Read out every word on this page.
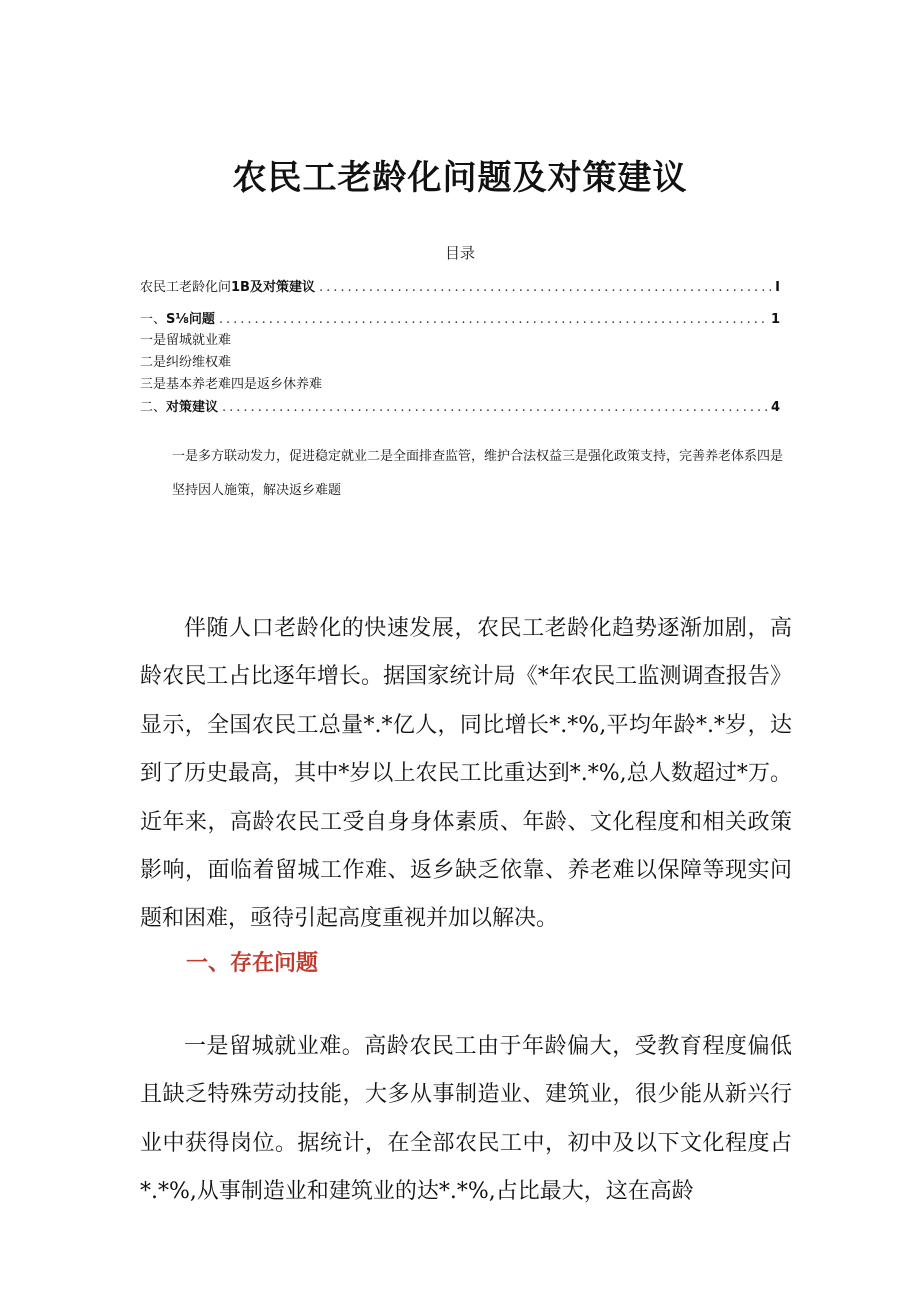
农民工老龄化问题及对策建议
目录
农民工老龄化问1B及对策建议 .....	I
一、S⅛问题 .....	1
一是留城就业难
二是纠纷维权难
三是基本养老难四是返乡休养难
二、对策建议 .....	4

一是多方联动发力，促进稳定就业二是全面排查监管，维护合法权益三是强化政策支持，完善养老体系四是坚持因人施策，解决返乡难题

伴随人口老龄化的快速发展，农民工老龄化趋势逐渐加剧，高龄农民工占比逐年增长。据国家统计局《*年农民工监测调查报告》显示，全国农民工总量*.*亿人，同比增长*.*%,平均年龄*.*岁，达到了历史最高，其中*岁以上农民工比重达到*.*%,总人数超过*万。近年来，高龄农民工受自身身体素质、年龄、文化程度和相关政策影响，面临着留城工作难、返乡缺乏依靠、养老难以保障等现实问题和困难，亟待引起高度重视并加以解决。

一、存在问题

一是留城就业难。高龄农民工由于年龄偏大，受教育程度偏低且缺乏特殊劳动技能，大多从事制造业、建筑业，很少能从新兴行业中获得岗位。据统计，在全部农民工中，初中及以下文化程度占*.*%,从事制造业和建筑业的达*.*%,占比最大，这在高龄
